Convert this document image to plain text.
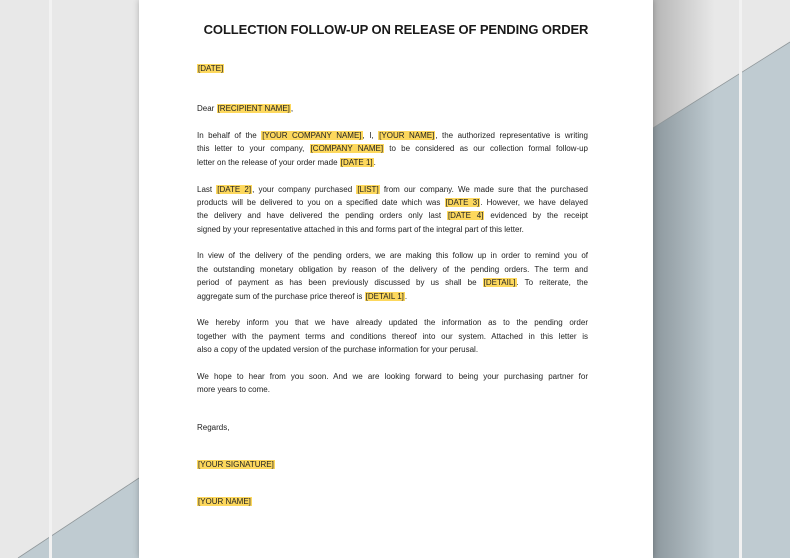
COLLECTION FOLLOW-UP ON RELEASE OF PENDING ORDER
[DATE]
Dear [RECIPIENT NAME],
In behalf of the [YOUR COMPANY NAME], I, [YOUR NAME], the authorized representative is writing
this letter to your company, [COMPANY NAME] to be considered as our collection formal follow-up
letter on the release of your order made [DATE 1].
Last [DATE 2], your company purchased [LIST] from our company. We made sure that the purchased
products will be delivered to you on a specified date which was [DATE 3]. However, we have delayed
the delivery and have delivered the pending orders only last [DATE 4] evidenced by the receipt
signed by your representative attached in this and forms part of the integral part of this letter.
In view of the delivery of the pending orders, we are making this follow up in order to remind you of
the outstanding monetary obligation by reason of the delivery of the pending orders. The term and
period of payment as has been previously discussed by us shall be [DETAIL]. To reiterate, the
aggregate sum of the purchase price thereof is [DETAIL 1].
We hereby inform you that we have already updated the information as to the pending order
together with the payment terms and conditions thereof into our system. Attached in this letter is
also a copy of the updated version of the purchase information for your perusal.
We hope to hear from you soon. And we are looking forward to being your purchasing partner for
more years to come.
Regards,
[YOUR SIGNATURE]
[YOUR NAME]
